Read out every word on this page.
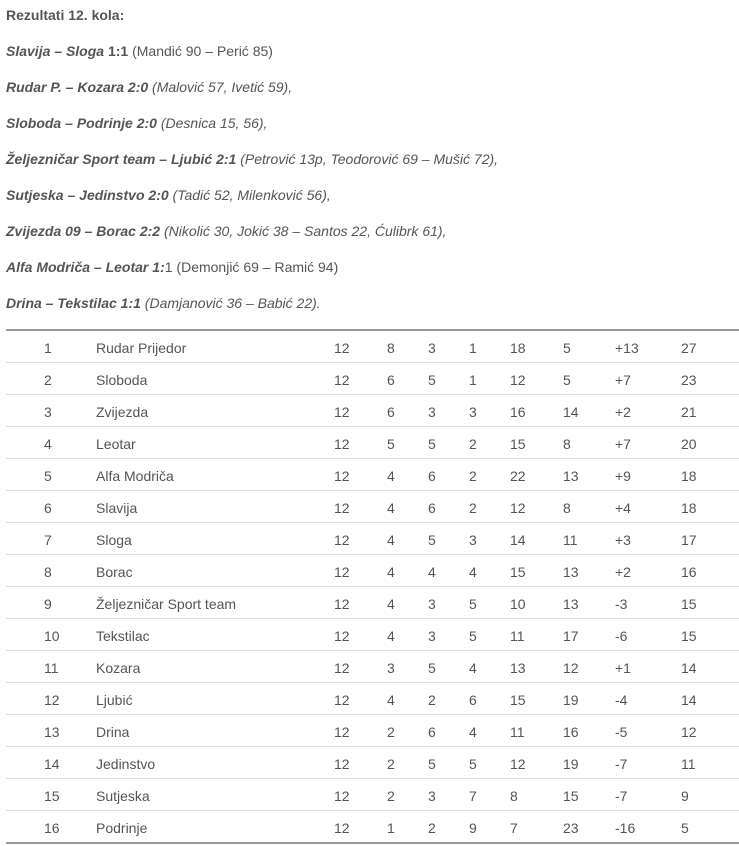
Rezultati 12. kola:
Slavija – Sloga 1:1 (Mandić 90 – Perić 85)
Rudar P. – Kozara 2:0 (Malović 57, Ivetić 59),
Sloboda – Podrinje 2:0 (Desnica 15, 56),
Željezničar Sport team – Ljubić 2:1 (Petrović 13p, Teodorović 69 – Mušić 72),
Sutjeska – Jedinstvo 2:0 (Tadić 52, Milenković 56),
Zvijezda 09 – Borac 2:2 (Nikolić 30, Jokić 38 – Santos 22, Ćulibrk 61),
Alfa Modriča – Leotar 1:1 (Demonjić 69 – Ramić 94)
Drina – Tekstilac 1:1 (Damjanović 36 – Babić 22).
1	Rudar Prijedor	12	8 3 1 18	5	+13	27
2	Sloboda	12	6 5 1 12	5	+7	23
3	Zvijezda	12	6 3 3 16	14	+2	21
4	Leotar	12	5 5 2 15	8	+7	20
5	Alfa Modriča	12	4 6 2 22	13	+9	18
6	Slavija	12	4 6 2 12	8	+4	18
7	Sloga	12	4 5 3 14	11	+3	17
8	Borac	12	4 4 4 15	13	+2	16
9	Željezničar Sport team	12	4 3 5 10	13	-3	15
10	Tekstilac	12	4 3 5 11	17	-6	15
11	Kozara	12	3 5 4 13	12	+1	14
12	Ljubić	12	4 2 6 15	19	-4	14
13	Drina	12	2 6 4 11	16	-5	12
14	Jedinstvo	12	2 5 5 12	19	-7	11
15	Sutjeska	12	2 3 7 8	15	-7	9
16	Podrinje	12	1 2 9 7	23	-16	5
